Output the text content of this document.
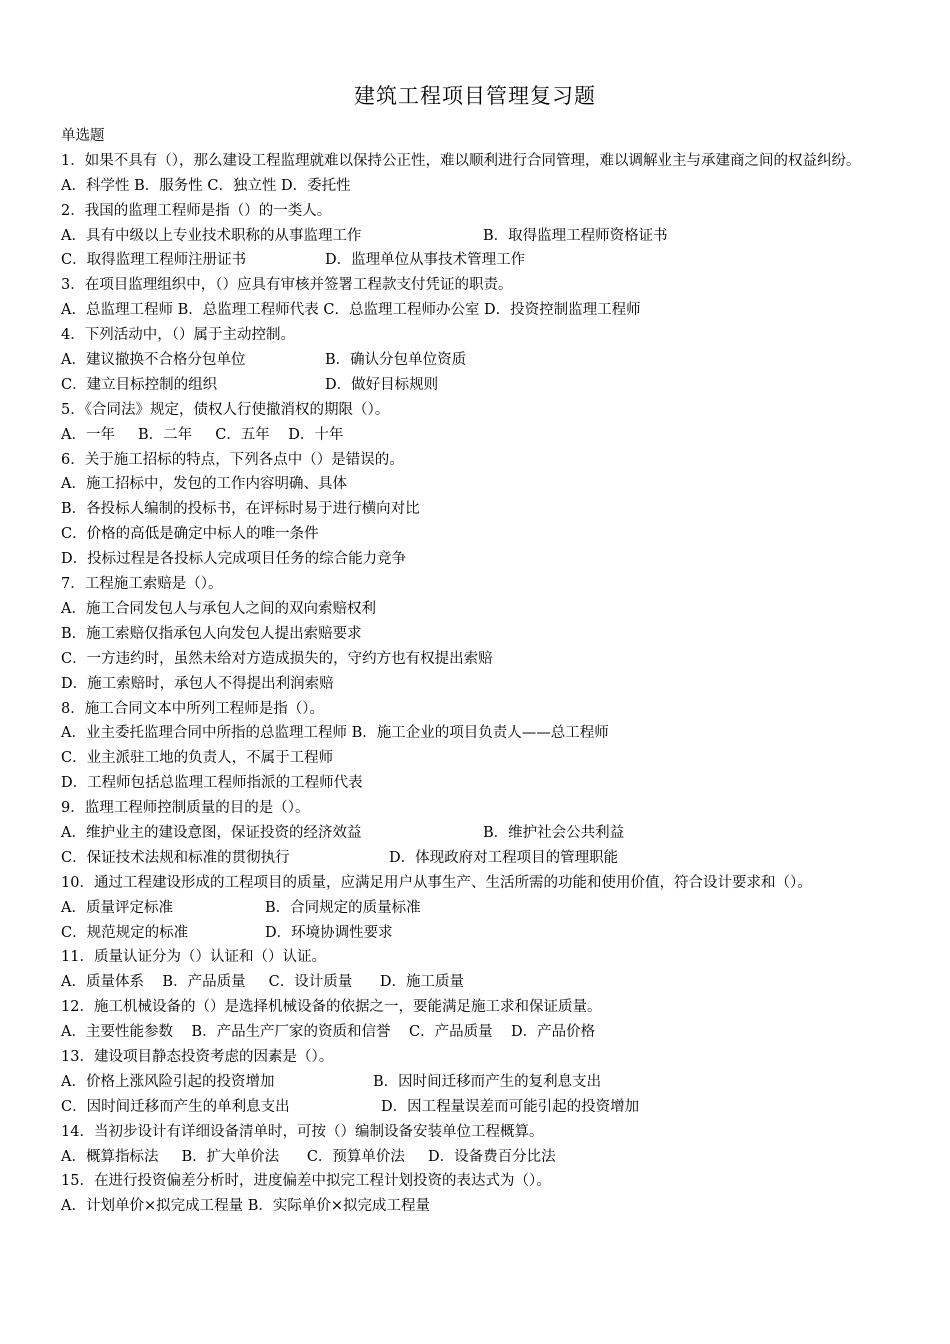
建筑工程项目管理复习题
单选题
1．如果不具有（），那么建设工程监理就难以保持公正性，难以顺利进行合同管理，难以调解业主与承建商之间的权益纠纷。
A．科学性 B．服务性 C．独立性 D．委托性
2．我国的监理工程师是指（）的一类人。
A．具有中级以上专业技术职称的从事监理工作	B．取得监理工程师资格证书
C．取得监理工程师注册证书	D．监理单位从事技术管理工作
3．在项目监理组织中，（）应具有审核并签署工程款支付凭证的职责。
A．总监理工程师 B．总监理工程师代表 C．总监理工程师办公室 D．投资控制监理工程师
4．下列活动中，（）属于主动控制。
A．建议撤换不合格分包单位	B．确认分包单位资质
C．建立目标控制的组织	D．做好目标规则
5．《合同法》规定，债权人行使撤消权的期限（）。
A．一年     B．二年     C．五年    D．十年
6．关于施工招标的特点，下列各点中（）是错误的。
A．施工招标中，发包的工作内容明确、具体
B．各投标人编制的投标书，在评标时易于进行横向对比
C．价格的高低是确定中标人的唯一条件
D．投标过程是各投标人完成项目任务的综合能力竞争
7．工程施工索赔是（）。
A．施工合同发包人与承包人之间的双向索赔权利
B．施工索赔仅指承包人向发包人提出索赔要求
C．一方违约时，虽然未给对方造成损失的，守约方也有权提出索赔
D．施工索赔时，承包人不得提出利润索赔
8．施工合同文本中所列工程师是指（）。
A．业主委托监理合同中所指的总监理工程师 B．施工企业的项目负责人——总工程师
C．业主派驻工地的负责人，不属于工程师
D．工程师包括总监理工程师指派的工程师代表
9．监理工程师控制质量的目的是（）。
A．维护业主的建设意图，保证投资的经济效益	B．维护社会公共利益
C．保证技术法规和标准的贯彻执行	D．体现政府对工程项目的管理职能
10．通过工程建设形成的工程项目的质量，应满足用户从事生产、生活所需的功能和使用价值，符合设计要求和（）。
A．质量评定标准	B．合同规定的质量标准
C．规范规定的标准	D．环境协调性要求
11．质量认证分为（）认证和（）认证。
A．质量体系    B．产品质量     C．设计质量      D．施工质量
12．施工机械设备的（）是选择机械设备的依据之一，要能满足施工求和保证质量。
A．主要性能参数    B．产品生产厂家的资质和信誉    C．产品质量    D．产品价格
13．建设项目静态投资考虑的因素是（）。
A．价格上涨风险引起的投资增加	B．因时间迁移而产生的复利息支出
C．因时间迁移而产生的单利息支出	D．因工程量误差而可能引起的投资增加
14．当初步设计有详细设备清单时，可按（）编制设备安装单位工程概算。
A．概算指标法     B．扩大单价法      C．预算单价法     D．设备费百分比法
15．在进行投资偏差分析时，进度偏差中拟完工程计划投资的表达式为（）。
A．计划单价×拟完成工程量 B．实际单价×拟完成工程量
